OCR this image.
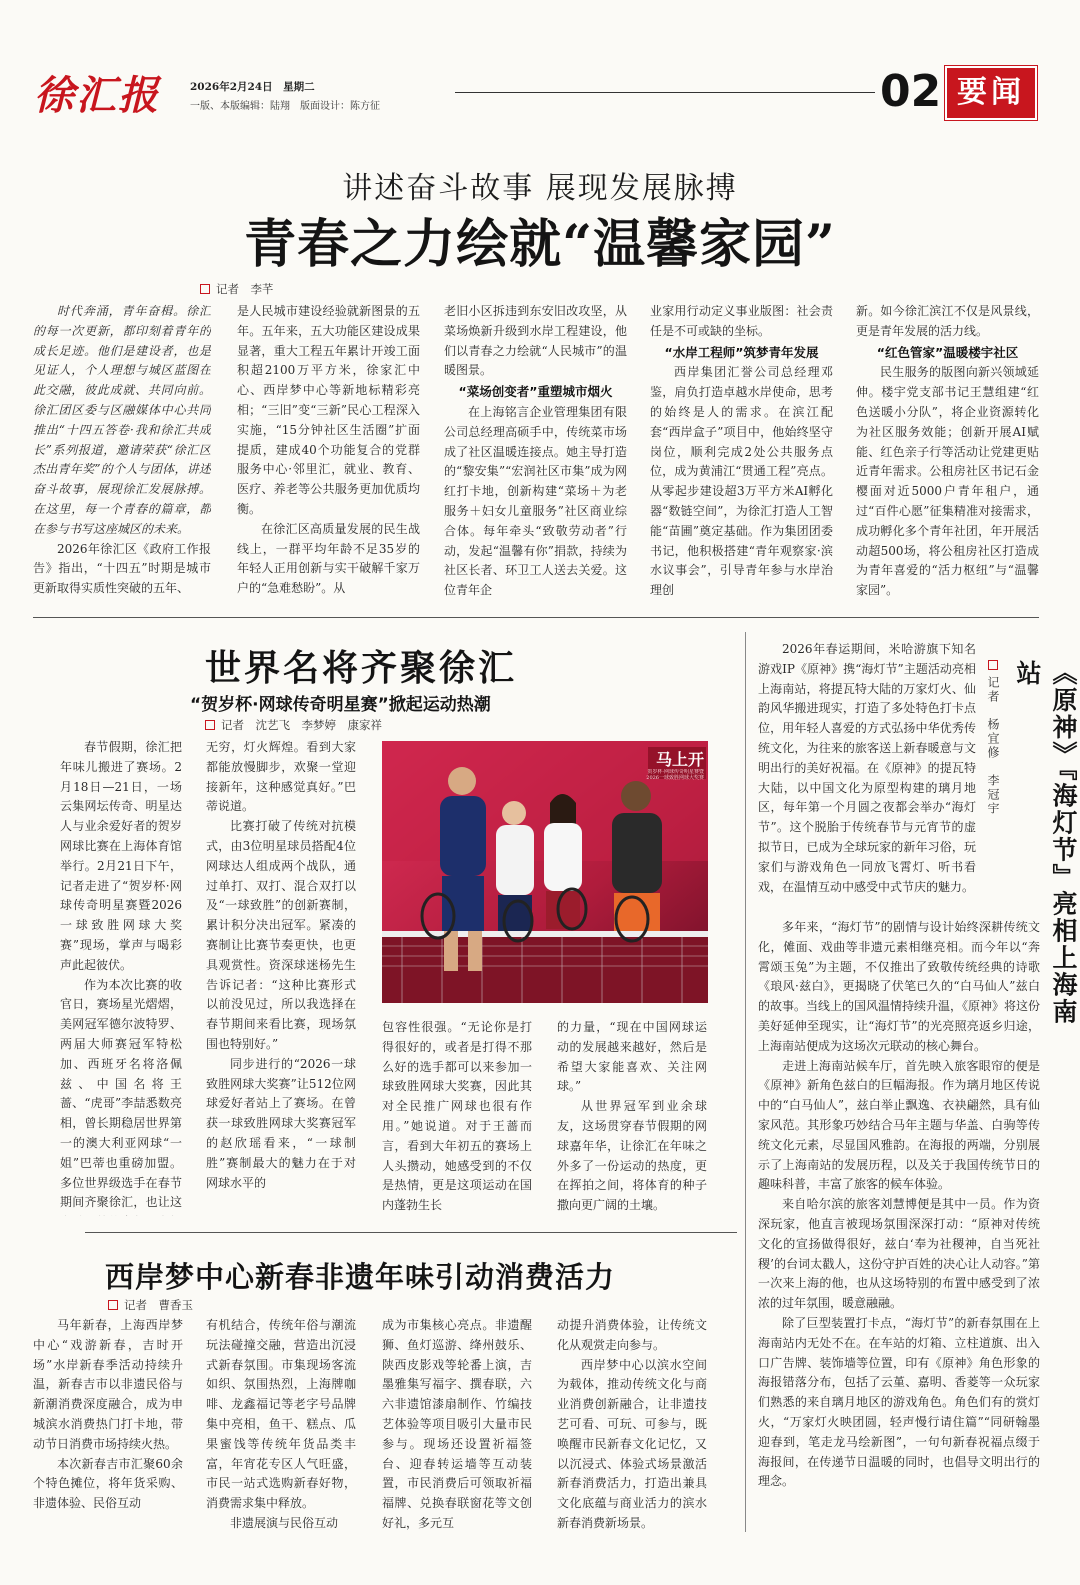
徐汇报	2026年2月24日　星期二
一版、本版编辑：陆翔　版面设计：陈方征	02 要闻
讲述奋斗故事 展现发展脉搏
青春之力绘就“温馨家园”
记者　李芊

时代奔涌，青年奋楫。徐汇的每一次更新，都印刻着青年的成长足迹。他们是建设者，也是见证人，个人理想与城区蓝图在此交融，彼此成就、共同向前。徐汇团区委与区融媒体中心共同推出“十四五答卷·我和徐汇共成长”系列报道，邀请荣获“徐汇区杰出青年奖”的个人与团体，讲述奋斗故事，展现徐汇发展脉搏。在这里，每一个青春的篇章，都在参与书写这座城区的未来。

2026年徐汇区《政府工作报告》指出，“十四五”时期是城市更新取得实质性突破的五年、

是人民城市建设经验就新图景的五年。五年来，五大功能区建设成果显著，重大工程五年累计开竣工面积超2100万平方米，徐家汇中心、西岸梦中心等新地标精彩亮相；“三旧”变“三新”民心工程深入实施，“15分钟社区生活圈”扩面提质，建成40个功能复合的党群服务中心·邻里汇，就业、教育、医疗、养老等公共服务更加优质均衡。

在徐汇区高质量发展的民生战线上，一群平均年龄不足35岁的年轻人正用创新与实干破解千家万户的“急难愁盼”。从

老旧小区拆违到东安旧改攻坚，从菜场焕新升级到水岸工程建设，他们以青春之力绘就“人民城市”的温暖图景。

“菜场创变者”重塑城市烟火

在上海铭言企业管理集团有限公司总经理高硕手中，传统菜市场成了社区温暖连接点。她主导打造的“黎安集”“宏润社区市集”成为网红打卡地，创新构建“菜场＋为老服务＋妇女儿童服务”社区商业综合体。每年牵头“致敬劳动者”行动，发起“温馨有你”捐款，持续为社区长者、环卫工人送去关爱。这位青年企

业家用行动定义事业版图：社会责任是不可或缺的坐标。

“水岸工程师”筑梦青年发展

西岸集团汇誉公司总经理邓鉴，肩负打造卓越水岸使命，思考的始终是人的需求。在滨江配套“西岸盒子”项目中，他始终坚守岗位，顺利完成2处公共服务点位，成为黄浦江“贯通工程”亮点。从零起步建设超3万平方米AI孵化器“数链空间”，为徐汇打造人工智能“苗圃”奠定基础。作为集团团委书记，他积极搭建“青年观察家·滨水议事会”，引导青年参与水岸治理创

新。如今徐汇滨江不仅是风景线，更是青年发展的活力线。

“红色管家”温暖楼宇社区

民生服务的版图向新兴领域延伸。楼宇党支部书记王慧组建“红色送暖小分队”，将企业资源转化为社区服务效能；创新开展AI赋能、红色亲子行等活动让党建更贴近青年需求。公租房社区书记石金樱面对近5000户青年租户，通过“百件心愿”征集精准对接需求，成功孵化多个青年社团，年开展活动超500场，将公租房社区打造成为青年喜爱的“活力枢纽”与“温馨家园”。

世界名将齐聚徐汇
“贺岁杯·网球传奇明星赛”掀起运动热潮
记者　沈艺飞　李梦婷　康家祥

春节假期，徐汇把年味儿搬进了赛场。2月18日—21日，一场云集网坛传奇、明星达人与业余爱好者的贺岁网球比赛在上海体育馆举行。2月21日下午，记者走进了“贺岁杯·网球传奇明星赛暨2026一球致胜网球大奖赛”现场，掌声与喝彩声此起彼伏。

作为本次比赛的收官日，赛场星光熠熠，美网冠军德尔波特罗、两届大师赛冠军特松加、西班牙名将洛佩兹、中国名将王蔷、“虎哥”李喆悉数亮相，曾长期稳居世界第一的澳大利亚网球“一姐”巴蒂也重磅加盟。多位世界级选手在春节期间齐聚徐汇，也让这

马上开
贺岁杯·网球传奇明星赛暨2026一球致胜网球大奖赛

无穷，灯火辉煌。看到大家都能放慢脚步，欢聚一堂迎接新年，这种感觉真好。”巴蒂说道。

比赛打破了传统对抗模式，由3位明星球员搭配4位网球达人组成两个战队，通过单打、双打、混合双打以及“一球致胜”的创新赛制，累计积分决出冠军。紧凑的赛制让比赛节奏更快，也更具观赏性。资深球迷杨先生告诉记者：“这种比赛形式以前没见过，所以我选择在春节期间来看比赛，现场氛围也特别好。”

同步进行的“2026一球致胜网球大奖赛”让512位网球爱好者站上了赛场。在曾获一球致胜网球大奖赛冠军的赵欣瑶看来，“一球制胜”赛制最大的魅力在于对网球水平的

包容性很强。“无论你是打得很好的，或者是打得不那么好的选手都可以来参加一球致胜网球大奖赛，因此其对全民推广网球也很有作用。”她说道。对于王蔷而言，看到大年初五的赛场上人头攒动，她感受到的不仅是热情，更是这项运动在国内蓬勃生长

的力量，“现在中国网球运动的发展越来越好，然后是希望大家能喜欢、关注网球。”

从世界冠军到业余球友，这场贯穿春节假期的网球嘉年华，让徐汇在年味之外多了一份运动的热度，更在挥拍之间，将体育的种子撒向更广阔的土壤。

2026年春运期间，米哈游旗下知名游戏IP《原神》携“海灯节”主题活动亮相上海南站，将提瓦特大陆的万家灯火、仙韵风华搬进现实，打造了多处特色打卡点位，用年轻人喜爱的方式弘扬中华优秀传统文化，为往来的旅客送上新春暖意与文明出行的美好祝福。在《原神》的提瓦特大陆，以中国文化为原型构建的璃月地区，每年第一个月圆之夜都会举办“海灯节”。这个脱胎于传统春节与元宵节的虚拟节日，已成为全球玩家的新年习俗，玩家们与游戏角色一同放飞霄灯、听书看戏，在温情互动中感受中式节庆的魅力。

记者　杨宜修　李冠宇	《原神》『海灯节』亮相上海南站

多年来，“海灯节”的剧情与设计始终深耕传统文化，傩面、戏曲等非遗元素相继亮相。而今年以“奔霄颂玉兔”为主题，不仅推出了致敬传统经典的诗歌《琅风·兹白》，更揭晓了伏笔已久的“白马仙人”兹白的故事。当线上的国风温情持续升温，《原神》将这份美好延伸至现实，让“海灯节”的光亮照亮返乡归途，上海南站便成为这场次元联动的核心舞台。

走进上海南站候车厅，首先映入旅客眼帘的便是《原神》新角色兹白的巨幅海报。作为璃月地区传说中的“白马仙人”，兹白举止飘逸、衣袂翩然，具有仙家风范。其形象巧妙结合马年主题与华盖、白驹等传统文化元素，尽显国风雅韵。在海报的两端，分别展示了上海南站的发展历程，以及关于我国传统节日的趣味科普，丰富了旅客的候车体验。

来自哈尔滨的旅客刘慧博便是其中一员。作为资深玩家，他直言被现场氛围深深打动：“原神对传统文化的宣扬做得很好，兹白‘奉为社稷神，自当死社稷’的台词太戳人，这份守护百姓的决心让人动容。”第一次来上海的他，也从这场特别的布置中感受到了浓浓的过年氛围，暖意融融。

除了巨型装置打卡点，“海灯节”的新春氛围在上海南站内无处不在。在车站的灯箱、立柱道旗、出入口广告牌、装饰墙等位置，印有《原神》角色形象的海报错落分布，包括了云堇、嘉明、香菱等一众玩家们熟悉的来自璃月地区的游戏角色。角色们有的赏灯火，“万家灯火映团圆，轻声慢行请住篇”“同研翰墨迎春到，笔走龙马绘新图”，一句句新春祝福点缀于海报间，在传递节日温暖的同时，也倡导文明出行的理念。

西岸梦中心新春非遗年味引动消费活力
记者　曹香玉

马年新春，上海西岸梦中心“戏游新春，吉时开场”水岸新春季活动持续升温，新春吉市以非遗民俗与新潮消费深度融合，成为申城滨水消费热门打卡地，带动节日消费市场持续火热。

本次新春吉市汇聚60余个特色摊位，将年货采购、非遗体验、民俗互动

有机结合，传统年俗与潮流玩法碰撞交融，营造出沉浸式新春氛围。市集现场客流如织、氛围热烈，上海牌咖啡、龙鑫福记等老字号品牌集中亮相，鱼干、糕点、瓜果蜜饯等传统年货品类丰富，年宵花专区人气旺盛，市民一站式选购新春好物，消费需求集中释放。

非遗展演与民俗互动

成为市集核心亮点。非遗醒狮、鱼灯巡游、绛州鼓乐、陕西皮影戏等轮番上演，吉墨雅集写福字、撰春联，六六非遗馆漆扇制作、竹编技艺体验等项目吸引大量市民参与。现场还设置祈福签台、迎春转运墙等互动装置，市民消费后可领取祈福福牌、兑换春联窗花等文创好礼，多元互

动提升消费体验，让传统文化从观赏走向参与。

西岸梦中心以滨水空间为载体，推动传统文化与商业消费创新融合，让非遗技艺可看、可玩、可参与，既唤醒市民新春文化记忆，又以沉浸式、体验式场景激活新春消费活力，打造出兼具文化底蕴与商业活力的滨水新春消费新场景。
